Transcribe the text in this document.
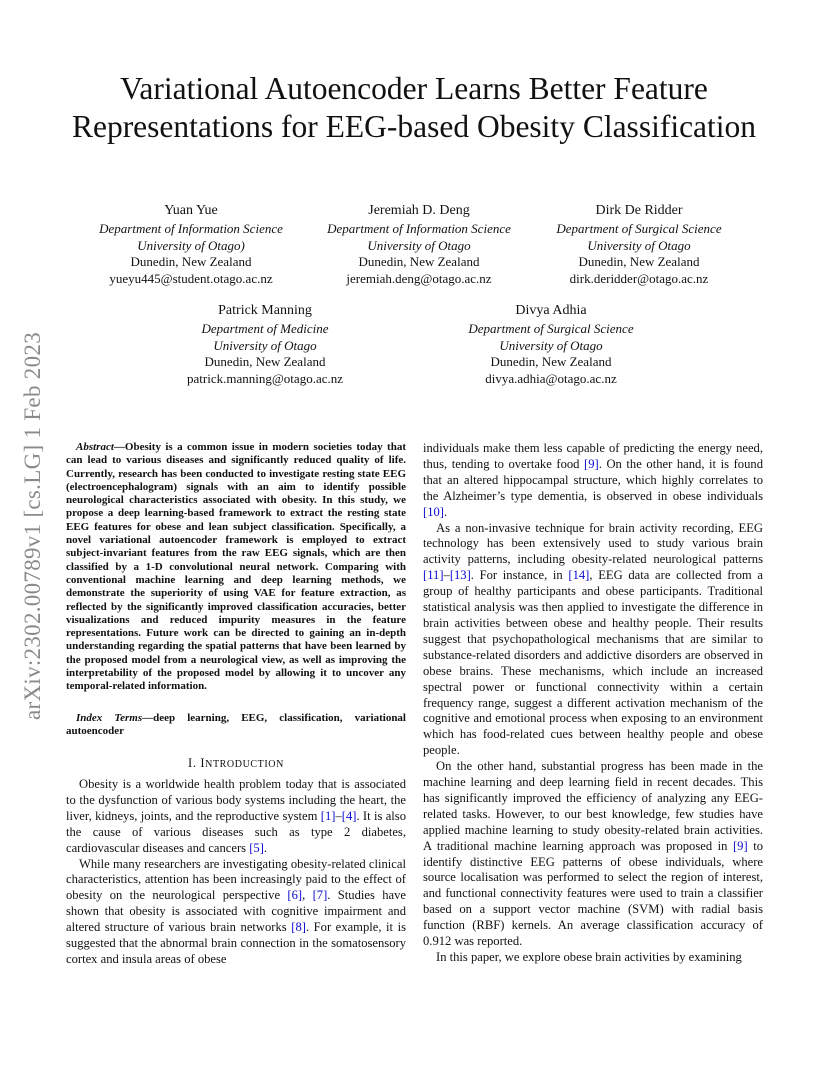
Variational Autoencoder Learns Better Feature Representations for EEG-based Obesity Classification
Yuan Yue
Department of Information Science
University of Otago)
Dunedin, New Zealand
yueyu445@student.otago.ac.nz
Jeremiah D. Deng
Department of Information Science
University of Otago
Dunedin, New Zealand
jeremiah.deng@otago.ac.nz
Dirk De Ridder
Department of Surgical Science
University of Otago
Dunedin, New Zealand
dirk.deridder@otago.ac.nz
Patrick Manning
Department of Medicine
University of Otago
Dunedin, New Zealand
patrick.manning@otago.ac.nz
Divya Adhia
Department of Surgical Science
University of Otago
Dunedin, New Zealand
divya.adhia@otago.ac.nz
arXiv:2302.00789v1 [cs.LG] 1 Feb 2023	Abstract—Obesity is a common issue in modern societies today that can lead to various diseases and significantly reduced quality of life. Currently, research has been conducted to investigate resting state EEG (electroencephalogram) signals with an aim to identify possible neurological characteristics associated with obesity. In this study, we propose a deep learning-based framework to extract the resting state EEG features for obese and lean subject classification. Specifically, a novel variational autoencoder framework is employed to extract subject-invariant features from the raw EEG signals, which are then classified by a 1-D convolutional neural network. Comparing with conventional machine learning and deep learning methods, we demonstrate the superiority of using VAE for feature extraction, as reflected by the significantly improved classification accuracies, better visualizations and reduced impurity measures in the feature representations. Future work can be directed to gaining an in-depth understanding regarding the spatial patterns that have been learned by the proposed model from a neurological view, as well as improving the interpretability of the proposed model by allowing it to uncover any temporal-related information.

Index Terms—deep learning, EEG, classification, variational autoencoder
I. INTRODUCTION

Obesity is a worldwide health problem today that is associated to the dysfunction of various body systems including the heart, the liver, kidneys, joints, and the reproductive system [1]–[4]. It is also the cause of various diseases such as type 2 diabetes, cardiovascular diseases and cancers [5].

While many researchers are investigating obesity-related clinical characteristics, attention has been increasingly paid to the effect of obesity on the neurological perspective [6], [7]. Studies have shown that obesity is associated with cognitive impairment and altered structure of various brain networks [8]. For example, it is suggested that the abnormal brain connection in the somatosensory cortex and insula areas of obese

individuals make them less capable of predicting the energy need, thus, tending to overtake food [9]. On the other hand, it is found that an altered hippocampal structure, which highly correlates to the Alzheimer’s type dementia, is observed in obese individuals [10].

As a non-invasive technique for brain activity recording, EEG technology has been extensively used to study various brain activity patterns, including obesity-related neurological patterns [11]–[13]. For instance, in [14], EEG data are collected from a group of healthy participants and obese participants. Traditional statistical analysis was then applied to investigate the difference in brain activities between obese and healthy people. Their results suggest that psychopathological mechanisms that are similar to substance-related disorders and addictive disorders are observed in obese brains. These mechanisms, which include an increased spectral power or functional connectivity within a certain frequency range, suggest a different activation mechanism of the cognitive and emotional process when exposing to an environment which has food-related cues between healthy people and obese people.

On the other hand, substantial progress has been made in the machine learning and deep learning field in recent decades. This has significantly improved the efficiency of analyzing any EEG-related tasks. However, to our best knowledge, few studies have applied machine learning to study obesity-related brain activities. A traditional machine learning approach was proposed in [9] to identify distinctive EEG patterns of obese individuals, where source localisation was performed to select the region of interest, and functional connectivity features were used to train a classifier based on a support vector machine (SVM) with radial basis function (RBF) kernels. An average classification accuracy of 0.912 was reported.

In this paper, we explore obese brain activities by examining
